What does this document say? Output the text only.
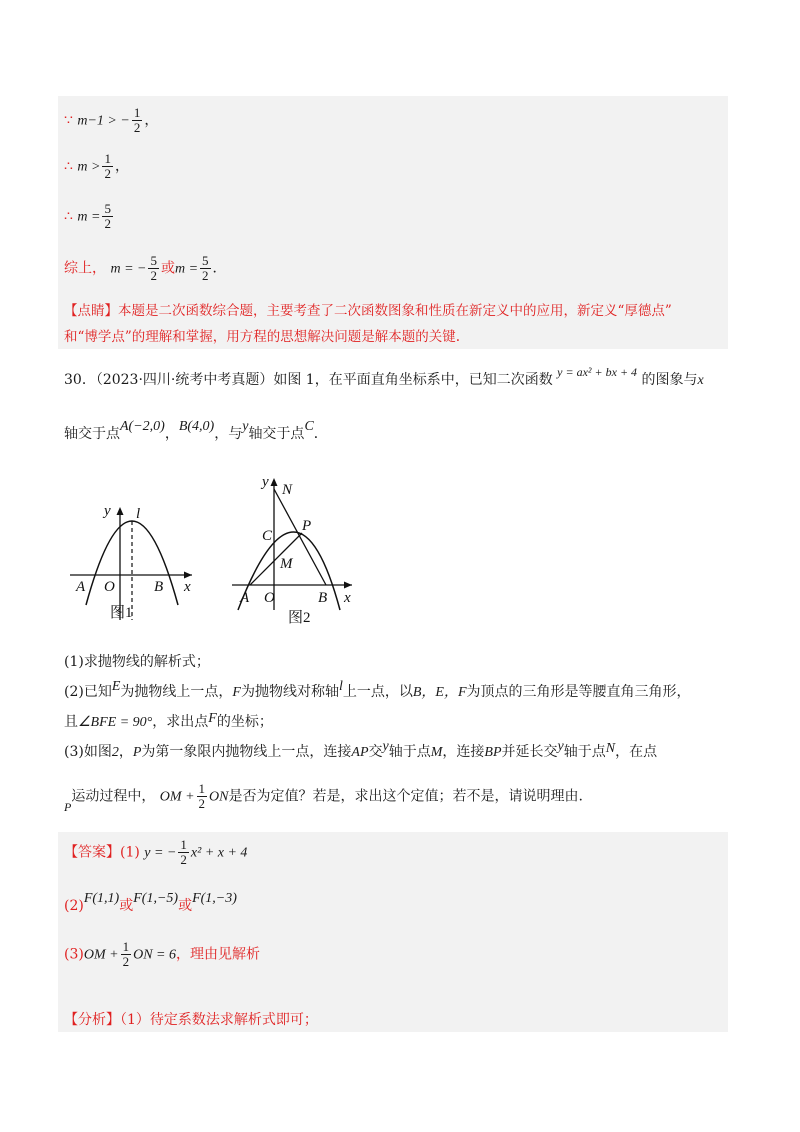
∵ m−1 > − $\frac{1}{2}$ ，
∴ $m > \frac{1}{2}$ ，
∴ $m = \frac{5}{2}$
综上， m = − $\frac{5}{2}$ 或$m = \frac{5}{2}$ ．
【点睛】本题是二次函数综合题，主要考查了二次函数图象和性质在新定义中的应用，新定义“厚德点”
和“博学点”的理解和掌握，用方程的思想解决问题是解本题的关键.
30．（2023·四川·统考中考真题）如图 1，在平面直角坐标系中，已知二次函数 y = ax² + bx + 4 的图象与x
轴交于点A(−2,0)，B(4,0)，与y轴交于点C．
y l
A O	B x
图1
y N
C
P
M
A O	B x
图2
(1)求抛物线的解析式；
(2)已知E为抛物线上一点，F为抛物线对称轴l上一点，以B，E，F为顶点的三角形是等腰直角三角形，
且∠BFE = 90°，求出点F的坐标；
(3)如图2，P为第一象限内抛物线上一点，连接AP交y轴于点M，连接BP并延长交y轴于点N，在点
P运动过程中， OM + $\frac{1}{2}$ ON是否为定值？若是，求出这个定值；若不是，请说明理由.
【答案】(1) y = − $\frac{1}{2} x^2 + x + 4$
(2)F(1,1)或F(1,−5)或F(1,−3)
$(3)OM + \frac{1}{2}$ ON = 6，理由见解析
【分析】（1）待定系数法求解析式即可；
